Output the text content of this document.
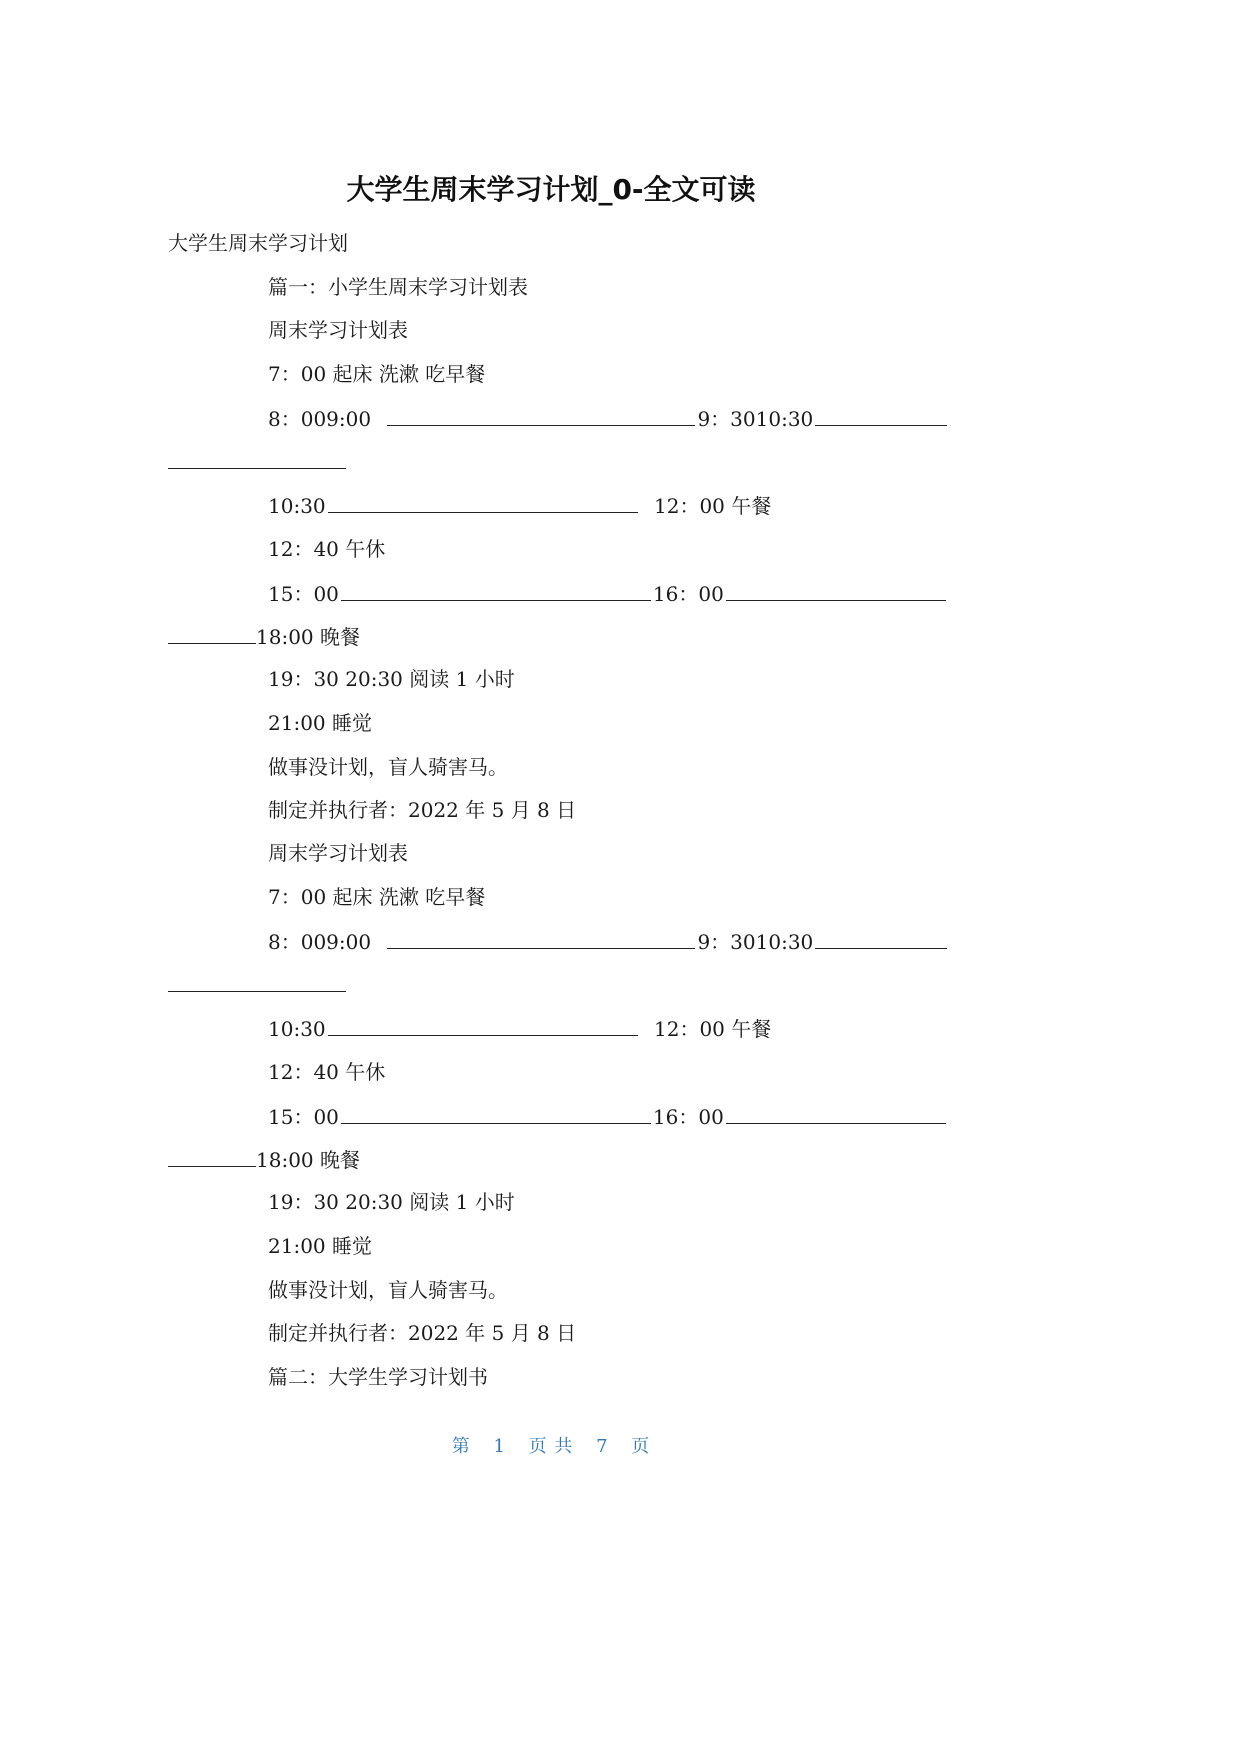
大学生周末学习计划_0-全文可读
大学生周末学习计划
篇一：小学生周末学习计划表
周末学习计划表
7：00 起床 洗漱 吃早餐
8：009:00	9：3010:30
10:30	12：00 午餐
12：40 午休
15：00	16：00
18:00 晚餐
19：30 20:30 阅读 1 小时
21:00 睡觉
做事没计划，盲人骑害马。
制定并执行者：2022 年 5 月 8 日
周末学习计划表
7：00 起床 洗漱 吃早餐
8：009:00	9：3010:30
10:30	12：00 午餐
12：40 午休
15：00	16：00
18:00 晚餐
19：30 20:30 阅读 1 小时
21:00 睡觉
做事没计划，盲人骑害马。
制定并执行者：2022 年 5 月 8 日
篇二：大学生学习计划书
第 1 页 共 7 页
